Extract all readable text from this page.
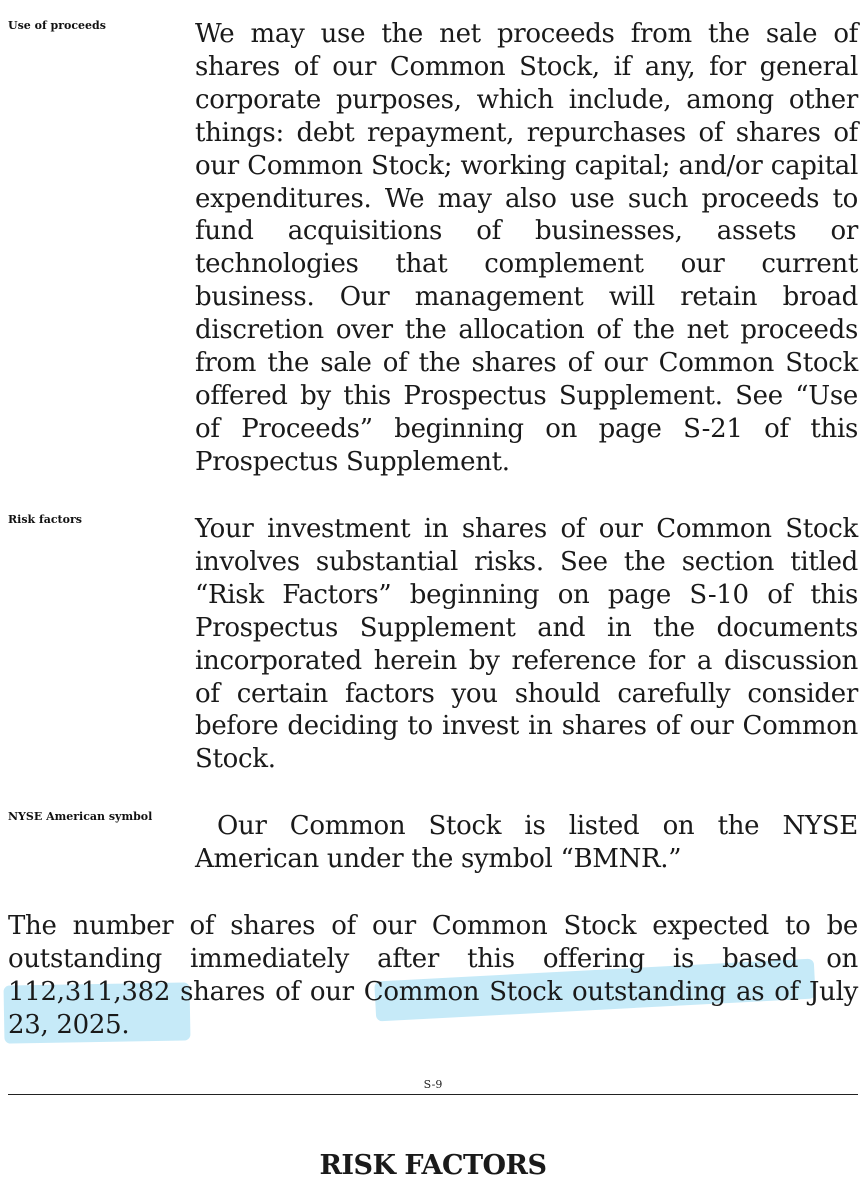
Use of proceeds	We may use the net proceeds from the sale of shares of our Common Stock, if any, for general corporate purposes, which include, among other things: debt repayment, repurchases of shares of our Common Stock; working capital; and/or capital expenditures. We may also use such proceeds to fund acquisitions of businesses, assets or technologies that complement our current business. Our management will retain broad discretion over the allocation of the net proceeds from the sale of the shares of our Common Stock offered by this Prospectus Supplement. See “Use of Proceeds” beginning on page S-21 of this Prospectus Supplement.

Risk factors	Your investment in shares of our Common Stock involves substantial risks. See the section titled “Risk Factors” beginning on page S-10 of this Prospectus Supplement and in the documents incorporated herein by reference for a discussion of certain factors you should carefully consider before deciding to invest in shares of our Common Stock.

NYSE American symbol	Our Common Stock is listed on the NYSE American under the symbol “BMNR.”

The number of shares of our Common Stock expected to be outstanding immediately after this offering is based on 112,311,382 shares of our Common Stock outstanding as of July 23, 2025.

S-9
RISK FACTORS
